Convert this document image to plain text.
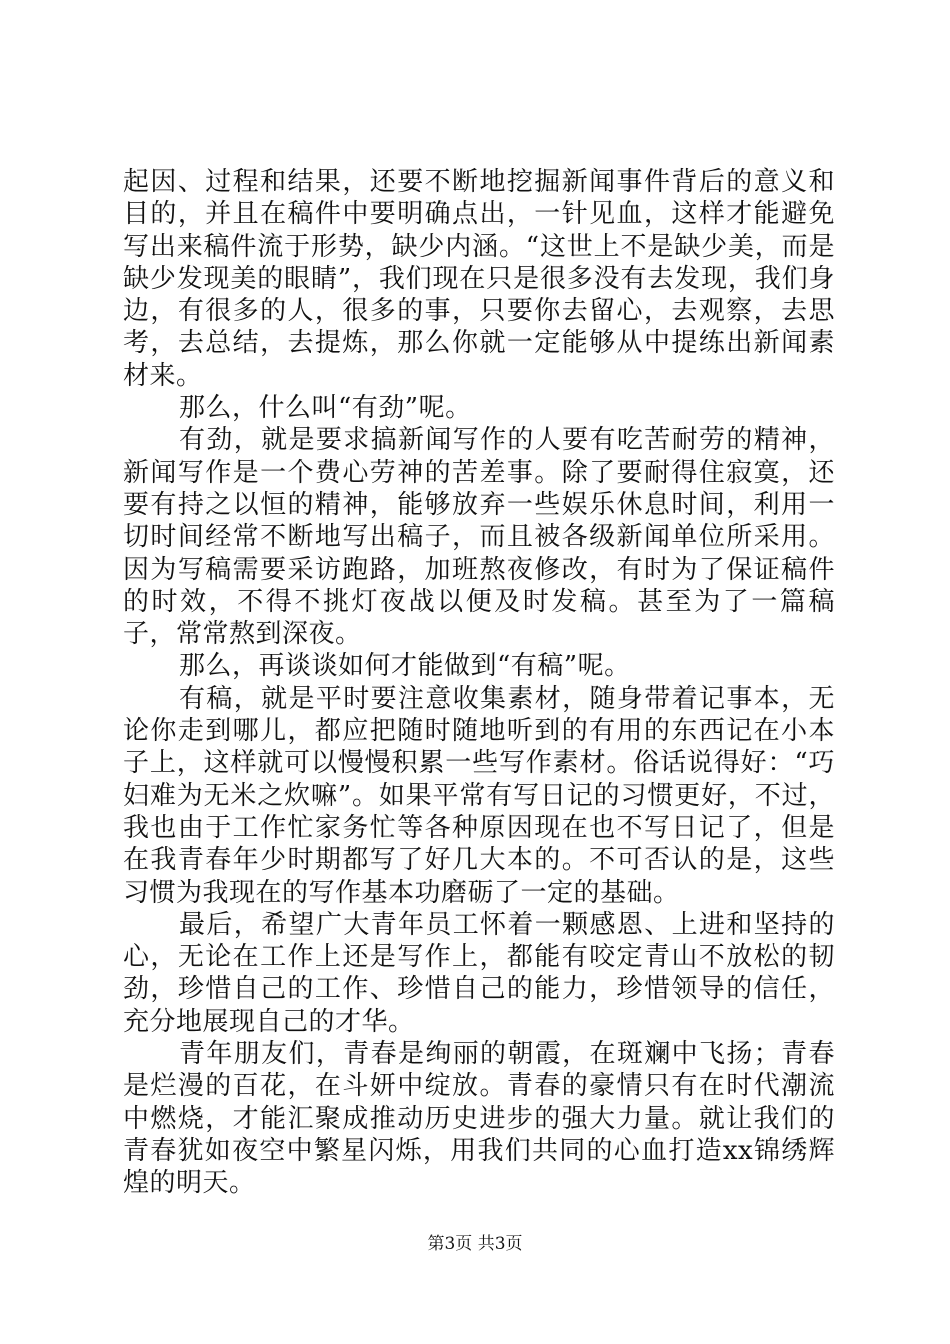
起因、过程和结果，还要不断地挖掘新闻事件背后的意义和目的，并且在稿件中要明确点出，一针见血，这样才能避免写出来稿件流于形势，缺少内涵。“这世上不是缺少美，而是缺少发现美的眼睛”，我们现在只是很多没有去发现，我们身边，有很多的人，很多的事，只要你去留心，去观察，去思考，去总结，去提炼，那么你就一定能够从中提练出新闻素材来。

那么，什么叫“有劲”呢。

有劲，就是要求搞新闻写作的人要有吃苦耐劳的精神，新闻写作是一个费心劳神的苦差事。除了要耐得住寂寞，还要有持之以恒的精神，能够放弃一些娱乐休息时间，利用一切时间经常不断地写出稿子，而且被各级新闻单位所采用。因为写稿需要采访跑路，加班熬夜修改，有时为了保证稿件的时效，不得不挑灯夜战以便及时发稿。甚至为了一篇稿子，常常熬到深夜。

那么，再谈谈如何才能做到“有稿”呢。

有稿，就是平时要注意收集素材，随身带着记事本，无论你走到哪儿，都应把随时随地听到的有用的东西记在小本子上，这样就可以慢慢积累一些写作素材。俗话说得好：“巧妇难为无米之炊嘛”。如果平常有写日记的习惯更好，不过，我也由于工作忙家务忙等各种原因现在也不写日记了，但是在我青春年少时期都写了好几大本的。不可否认的是，这些习惯为我现在的写作基本功磨砺了一定的基础。

最后，希望广大青年员工怀着一颗感恩、上进和坚持的心，无论在工作上还是写作上，都能有咬定青山不放松的韧劲，珍惜自己的工作、珍惜自己的能力，珍惜领导的信任，充分地展现自己的才华。

青年朋友们，青春是绚丽的朝霞，在斑斓中飞扬；青春是烂漫的百花，在斗妍中绽放。青春的豪情只有在时代潮流中燃烧，才能汇聚成推动历史进步的强大力量。就让我们的青春犹如夜空中繁星闪烁，用我们共同的心血打造xx锦绣辉煌的明天。

第3页 共3页
